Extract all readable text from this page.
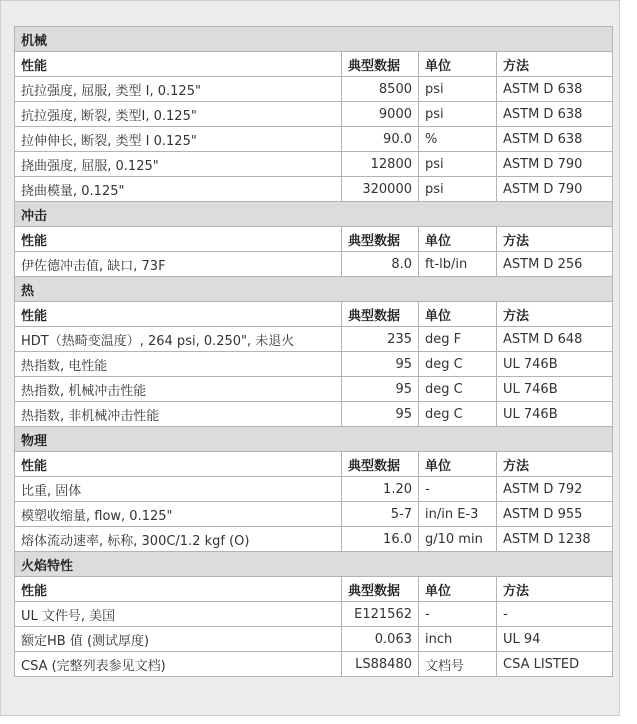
机械			
性能	典型数据	单位	方法
抗拉强度, 屈服, 类型 I, 0.125"	8500	psi	ASTM D 638
抗拉强度, 断裂, 类型I, 0.125"	9000	psi	ASTM D 638
拉伸伸长, 断裂, 类型 I 0.125"	90.0	%	ASTM D 638
挠曲强度, 屈服, 0.125"	12800	psi	ASTM D 790
挠曲模量, 0.125"	320000	psi	ASTM D 790
冲击			
性能	典型数据	单位	方法
伊佐德冲击值, 缺口, 73F	8.0	ft-lb/in	ASTM D 256
热			
性能	典型数据	单位	方法
HDT（热畸变温度）, 264 psi, 0.250", 未退火	235	deg F	ASTM D 648
热指数, 电性能	95	deg C	UL 746B
热指数, 机械冲击性能	95	deg C	UL 746B
热指数, 非机械冲击性能	95	deg C	UL 746B
物理			
性能	典型数据	单位	方法
比重, 固体	1.20	-	ASTM D 792
模塑收缩量, flow, 0.125"	5-7	in/in E-3	ASTM D 955
熔体流动速率, 标称, 300C/1.2 kgf (O)	16.0	g/10 min	ASTM D 1238
火焰特性			
性能	典型数据	单位	方法
UL 文件号, 美国	E121562	-	-
额定HB 值 (测试厚度)	0.063	inch	UL 94
CSA (完整列表参见文档)	LS88480	文档号	CSA LISTED
